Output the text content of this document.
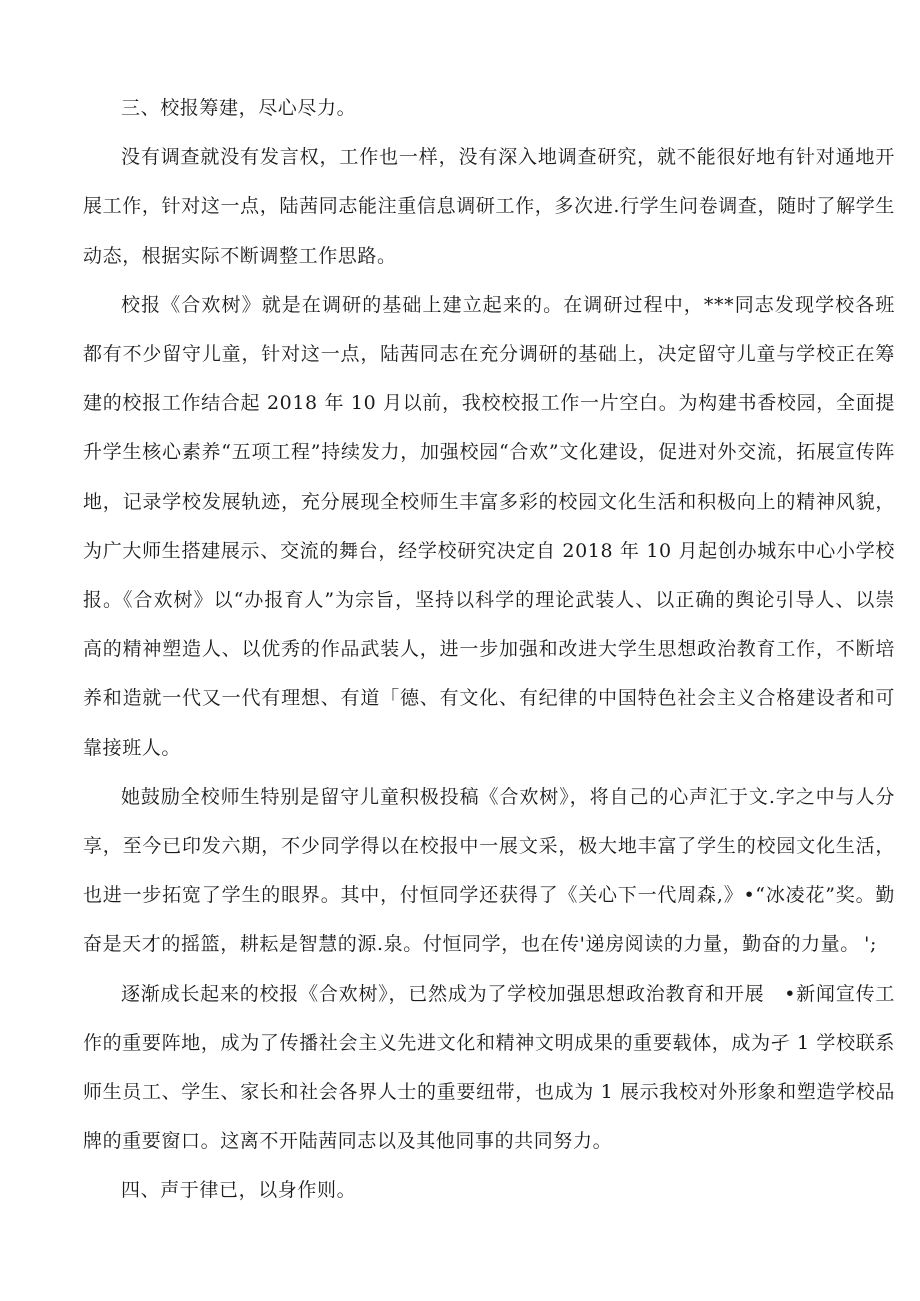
三、校报筹建，尽心尽力。

没有调查就没有发言权，工作也一样，没有深入地调查研究，就不能很好地有针对通地开展工作，针对这一点，陆茜同志能注重信息调研工作，多次进.行学生问卷调查，随时了解学生动态，根据实际不断调整工作思路。

校报《合欢树》就是在调研的基础上建立起来的。在调研过程中，***同志发现学校各班都有不少留守儿童，针对这一点，陆茜同志在充分调研的基础上，决定留守儿童与学校正在筹建的校报工作结合起 2018 年 10 月以前，我校校报工作一片空白。为构建书香校园，全面提升学生核心素养“五项工程”持续发力，加强校园“合欢”文化建设，促进对外交流，拓展宣传阵地，记录学校发展轨迹，充分展现全校师生丰富多彩的校园文化生活和积极向上的精神风貌，为广大师生搭建展示、交流的舞台，经学校研究决定自 2018 年 10 月起创办城东中心小学校报。《合欢树》以“办报育人”为宗旨，坚持以科学的理论武装人、以正确的舆论引导人、以崇高的精神塑造人、以优秀的作品武装人，进一步加强和改进大学生思想政治教育工作，不断培养和造就一代又一代有理想、有道「德、有文化、有纪律的中国特色社会主义合格建设者和可靠接班人。

她鼓励全校师生特别是留守儿童积极投稿《合欢树》，将自己的心声汇于文.字之中与人分享，至今已印发六期，不少同学得以在校报中一展文采，极大地丰富了学生的校园文化生活，也进一步拓宽了学生的眼界。其中，付恒同学还获得了《关心下一代周森,》•“冰凌花”奖。勤奋是天才的摇篮，耕耘是智慧的源.泉。付恒同学，也在传'递房阅读的力量，勤奋的力量。 ';

逐渐成长起来的校报《合欢树》，已然成为了学校加强思想政治教育和开展　•新闻宣传工作的重要阵地，成为了传播社会主义先进文化和精神文明成果的重要载体，成为孑 1 学校联系师生员工、学生、家长和社会各界人士的重要纽带，也成为 1 展示我校对外形象和塑造学校品牌的重要窗口。这离不开陆茜同志以及其他同事的共同努力。

四、声于律已，以身作则。
